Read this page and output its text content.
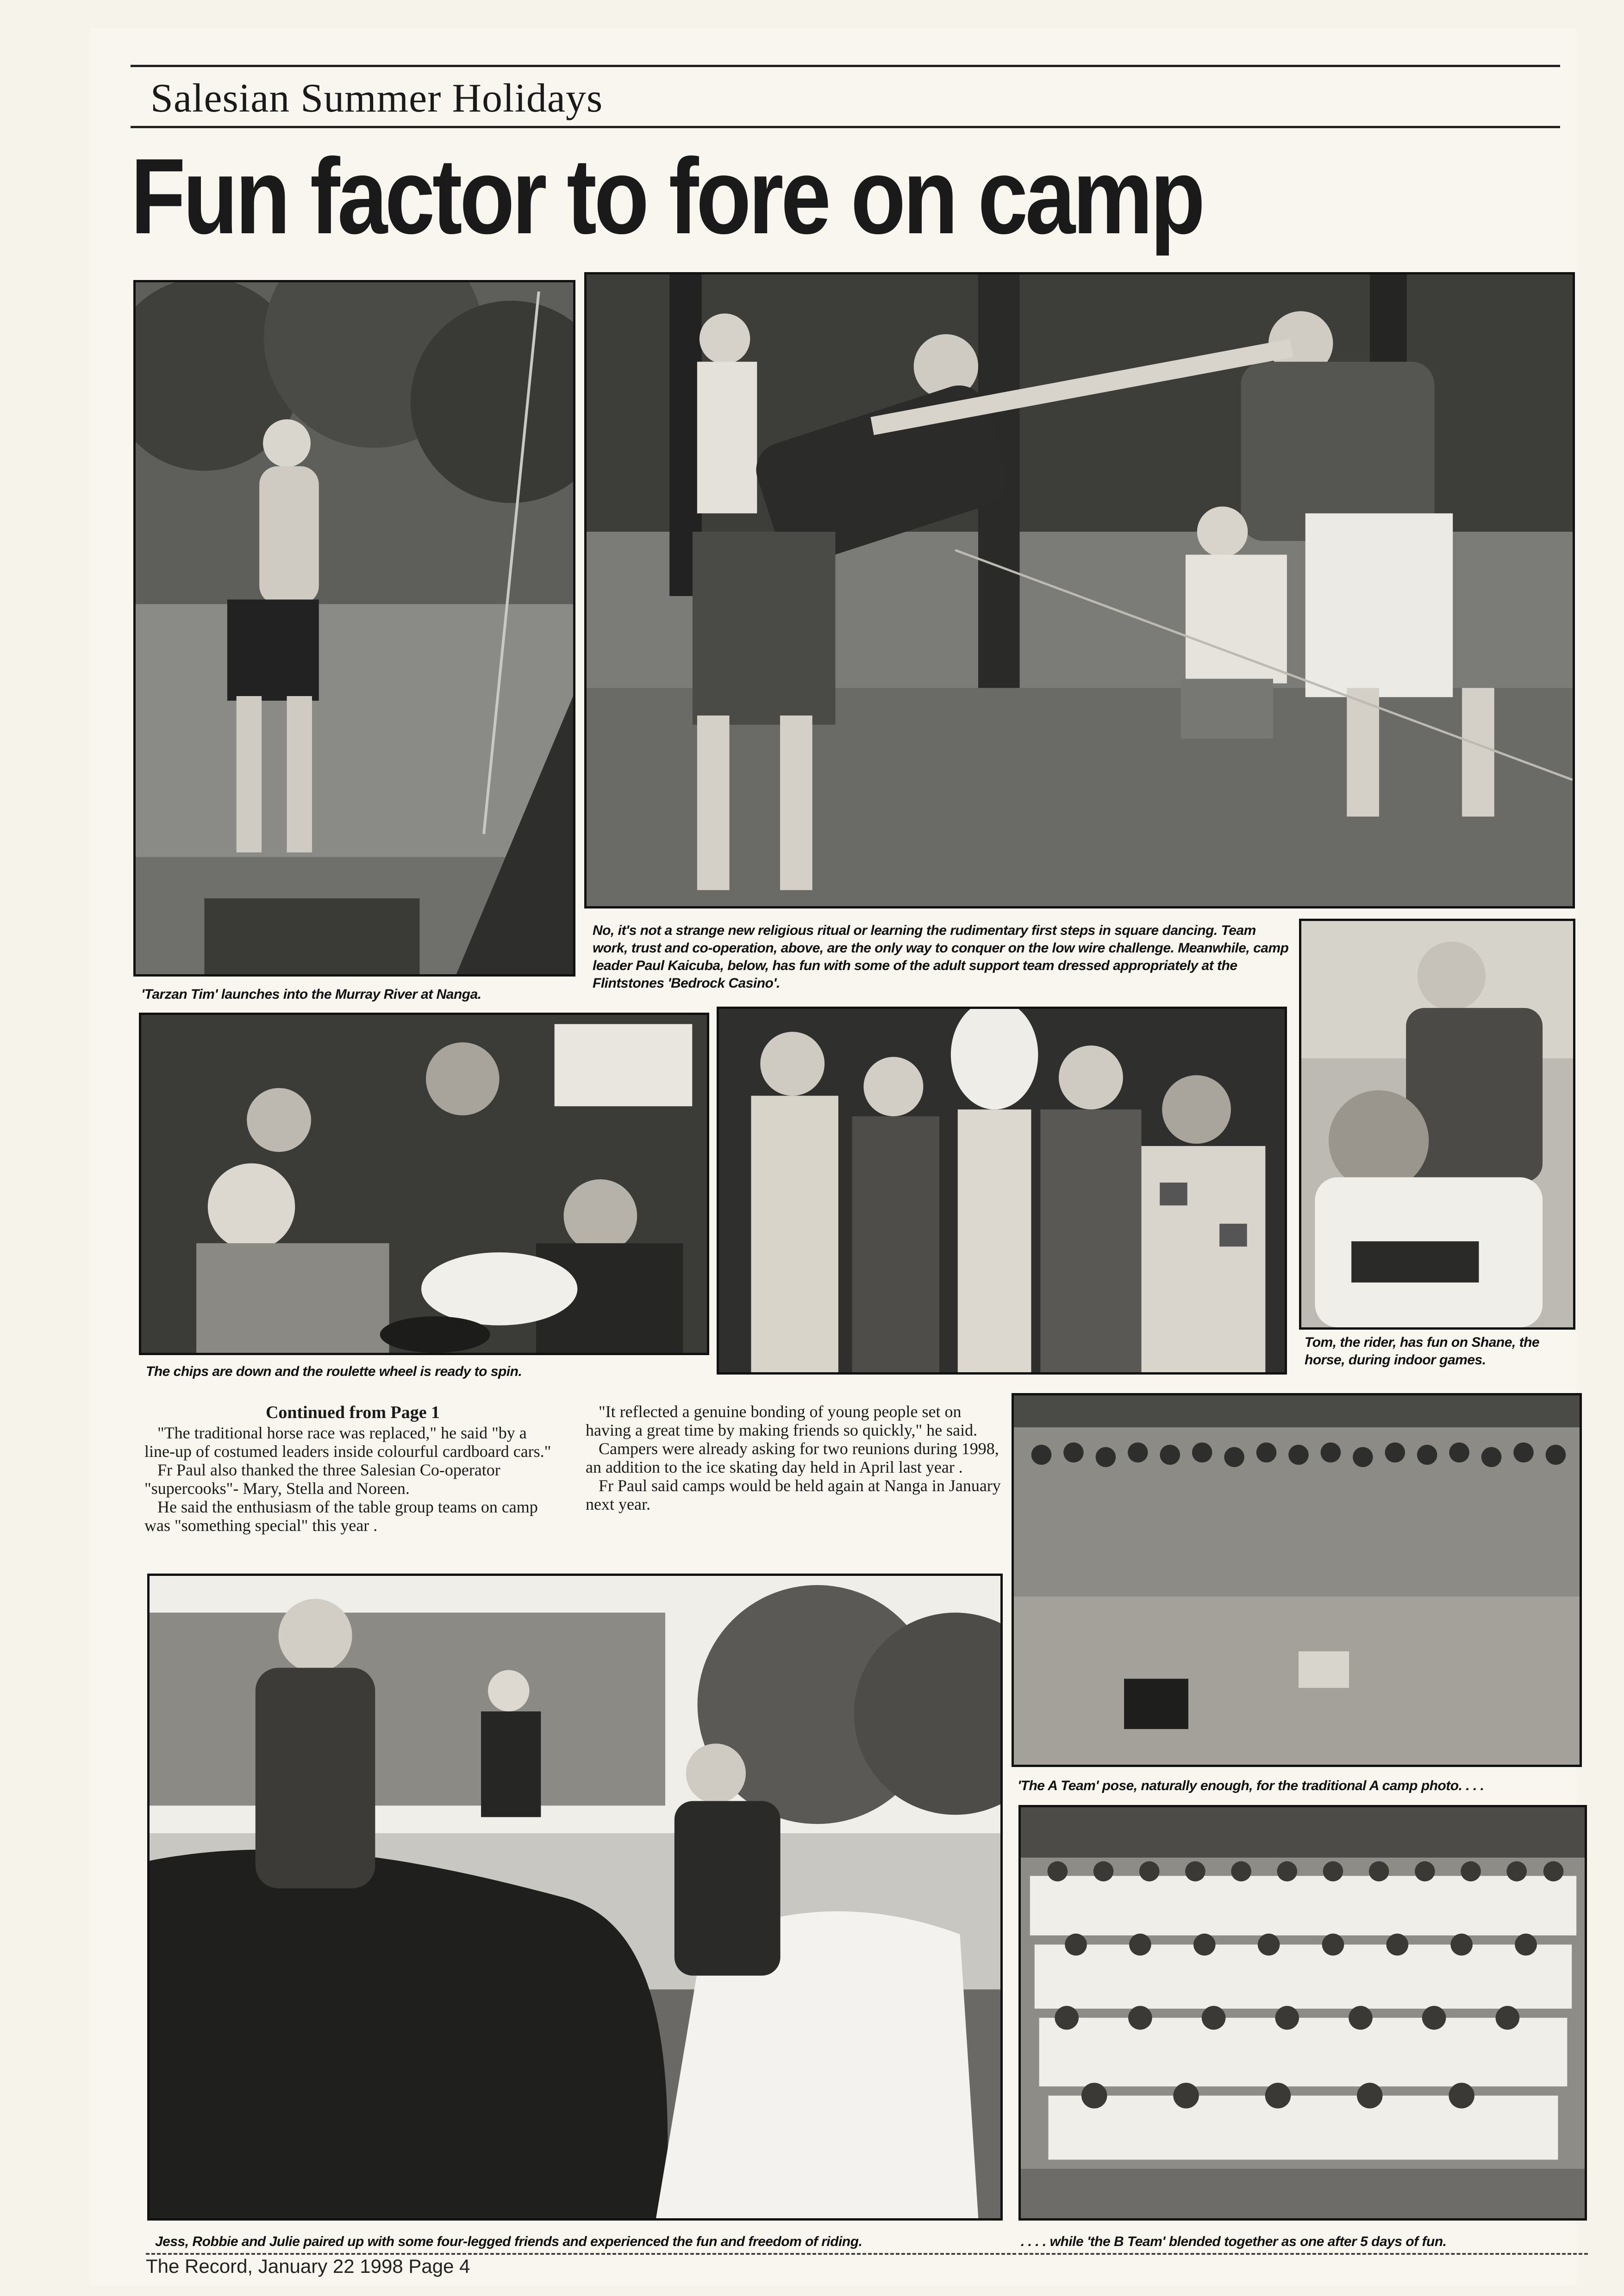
Salesian Summer Holidays
Fun factor to fore on camp
'Tarzan Tim' launches into the Murray River at Nanga.
No, it's not a strange new religious ritual or learning the rudimentary first steps in square dancing. Team work, trust and co-operation, above, are the only way to conquer on the low wire challenge. Meanwhile, camp leader Paul Kaicuba, below, has fun with some of the adult support team dressed appropriately at the Flintstones 'Bedrock Casino'.
The chips are down and the roulette wheel is ready to spin.
Tom, the rider, has fun on Shane, the horse, during indoor games.
Continued from Page 1

"The traditional horse race was replaced," he said "by a line-up of costumed leaders inside colourful cardboard cars."

Fr Paul also thanked the three Salesian Co-operator "supercooks"- Mary, Stella and Noreen.

He said the enthusiasm of the table group teams on camp was "something special" this year .

"It reflected a genuine bonding of young people set on having a great time by making friends so quickly," he said.

Campers were already asking for two reunions during 1998, an addition to the ice skating day held in April last year .

Fr Paul said camps would be held again at Nanga in January next year.

'The A Team' pose, naturally enough, for the traditional A camp photo. . . .
Jess, Robbie and Julie paired up with some four-legged friends and experienced the fun and freedom of riding.	. . . . while 'the B Team' blended together as one after 5 days of fun.
The Record, January 22 1998 Page 4
